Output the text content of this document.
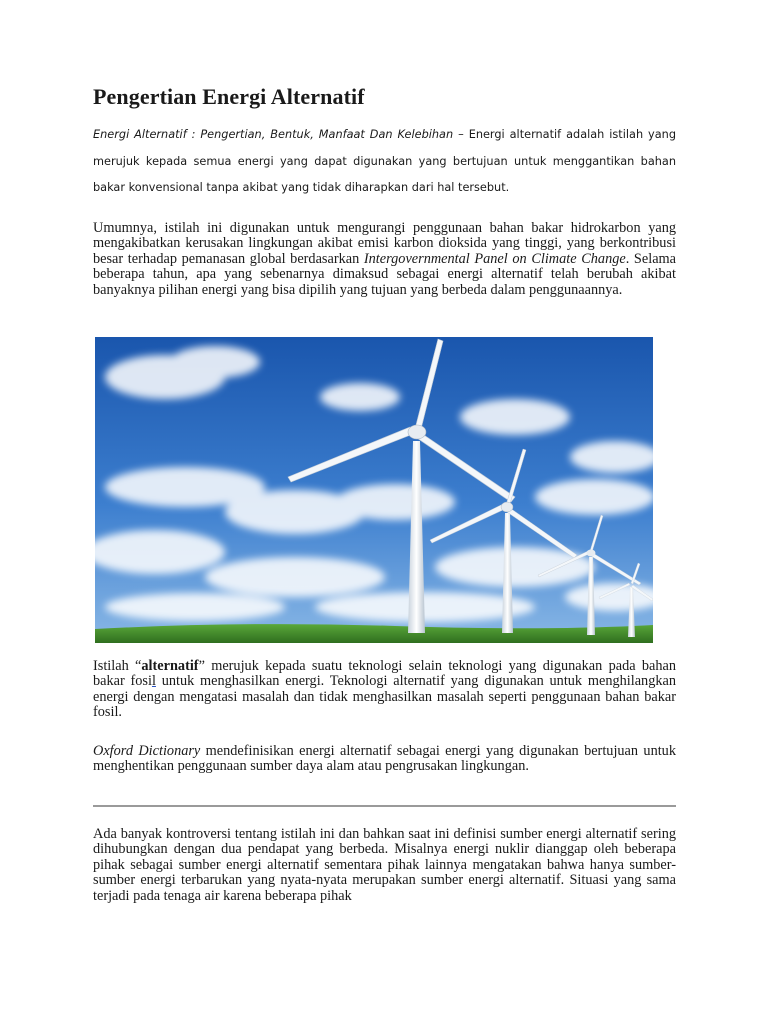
Pengertian Energi Alternatif

Energi Alternatif : Pengertian, Bentuk, Manfaat Dan Kelebihan – Energi alternatif adalah istilah yang merujuk kepada semua energi yang dapat digunakan yang bertujuan untuk menggantikan bahan bakar konvensional tanpa akibat yang tidak diharapkan dari hal tersebut.

Umumnya, istilah ini digunakan untuk mengurangi penggunaan bahan bakar hidrokarbon yang mengakibatkan kerusakan lingkungan akibat emisi karbon dioksida yang tinggi, yang berkontribusi besar terhadap pemanasan global berdasarkan Intergovernmental Panel on Climate Change. Selama beberapa tahun, apa yang sebenarnya dimaksud sebagai energi alternatif telah berubah akibat banyaknya pilihan energi yang bisa dipilih yang tujuan yang berbeda dalam penggunaannya.

Istilah “alternatif” merujuk kepada suatu teknologi selain teknologi yang digunakan pada bahan bakar fosil untuk menghasilkan energi. Teknologi alternatif yang digunakan untuk menghilangkan energi dengan mengatasi masalah dan tidak menghasilkan masalah seperti penggunaan bahan bakar fosil.

Oxford Dictionary mendefinisikan energi alternatif sebagai energi yang digunakan bertujuan untuk menghentikan penggunaan sumber daya alam atau pengrusakan lingkungan.

Ada banyak kontroversi tentang istilah ini dan bahkan saat ini definisi sumber energi alternatif sering dihubungkan dengan dua pendapat yang berbeda. Misalnya energi nuklir dianggap oleh beberapa pihak sebagai sumber energi alternatif sementara pihak lainnya mengatakan bahwa hanya sumber-sumber energi terbarukan yang nyata-nyata merupakan sumber energi alternatif. Situasi yang sama terjadi pada tenaga air karena beberapa pihak
